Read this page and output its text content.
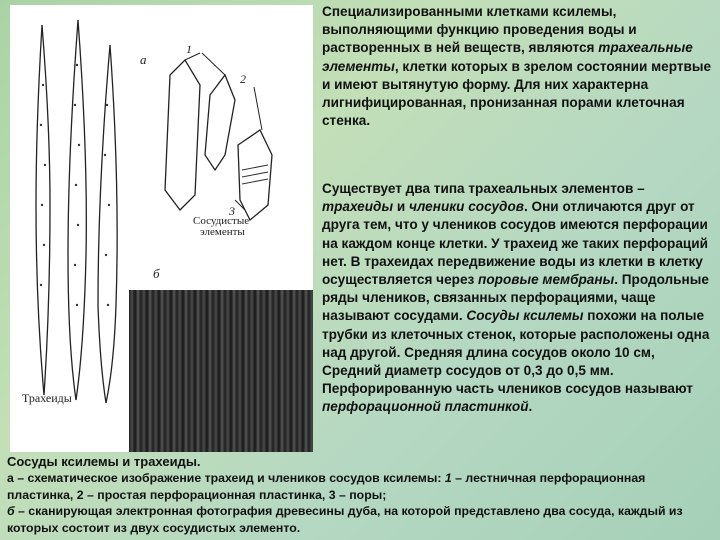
а
б
1
2
3
Трахеиды
Сосудистые
элементы

Специализированными клетками ксилемы, выполняющими функцию проведения воды и растворенных в ней веществ, являются трахеальные элементы, клетки которых в зрелом состоянии мертвые и имеют вытянутую форму. Для них характерна лигнифицированная, пронизанная порами клеточная стенка.

Существует два типа трахеальных элементов – трахеиды и членики сосудов. Они отличаются друг от друга тем, что у члеников сосудов имеются перфорации на каждом конце клетки. У трахеид же таких перфораций нет. В трахеидах передвижение воды из клетки в клетку осуществляется через поровые мембраны. Продольные ряды члеников, связанных перфорациями, чаще называют сосудами. Сосуды ксилемы похожи на полые трубки из клеточных стенок, которые расположены одна над другой. Средняя длина сосудов около 10 см, Средний диаметр сосудов от 0,3 до 0,5 мм. Перфорированную часть члеников сосудов называют перфорационной пластинкой.

Сосуды ксилемы и трахеиды.
а – схематическое изображение трахеид и члеников сосудов ксилемы: 1 – лестничная перфорационная пластинка, 2 – простая перфорационная пластинка, 3 – поры;
б – сканирующая электронная фотография древесины дуба, на которой представлено два сосуда, каждый из которых состоит из двух сосудистых элементо.
